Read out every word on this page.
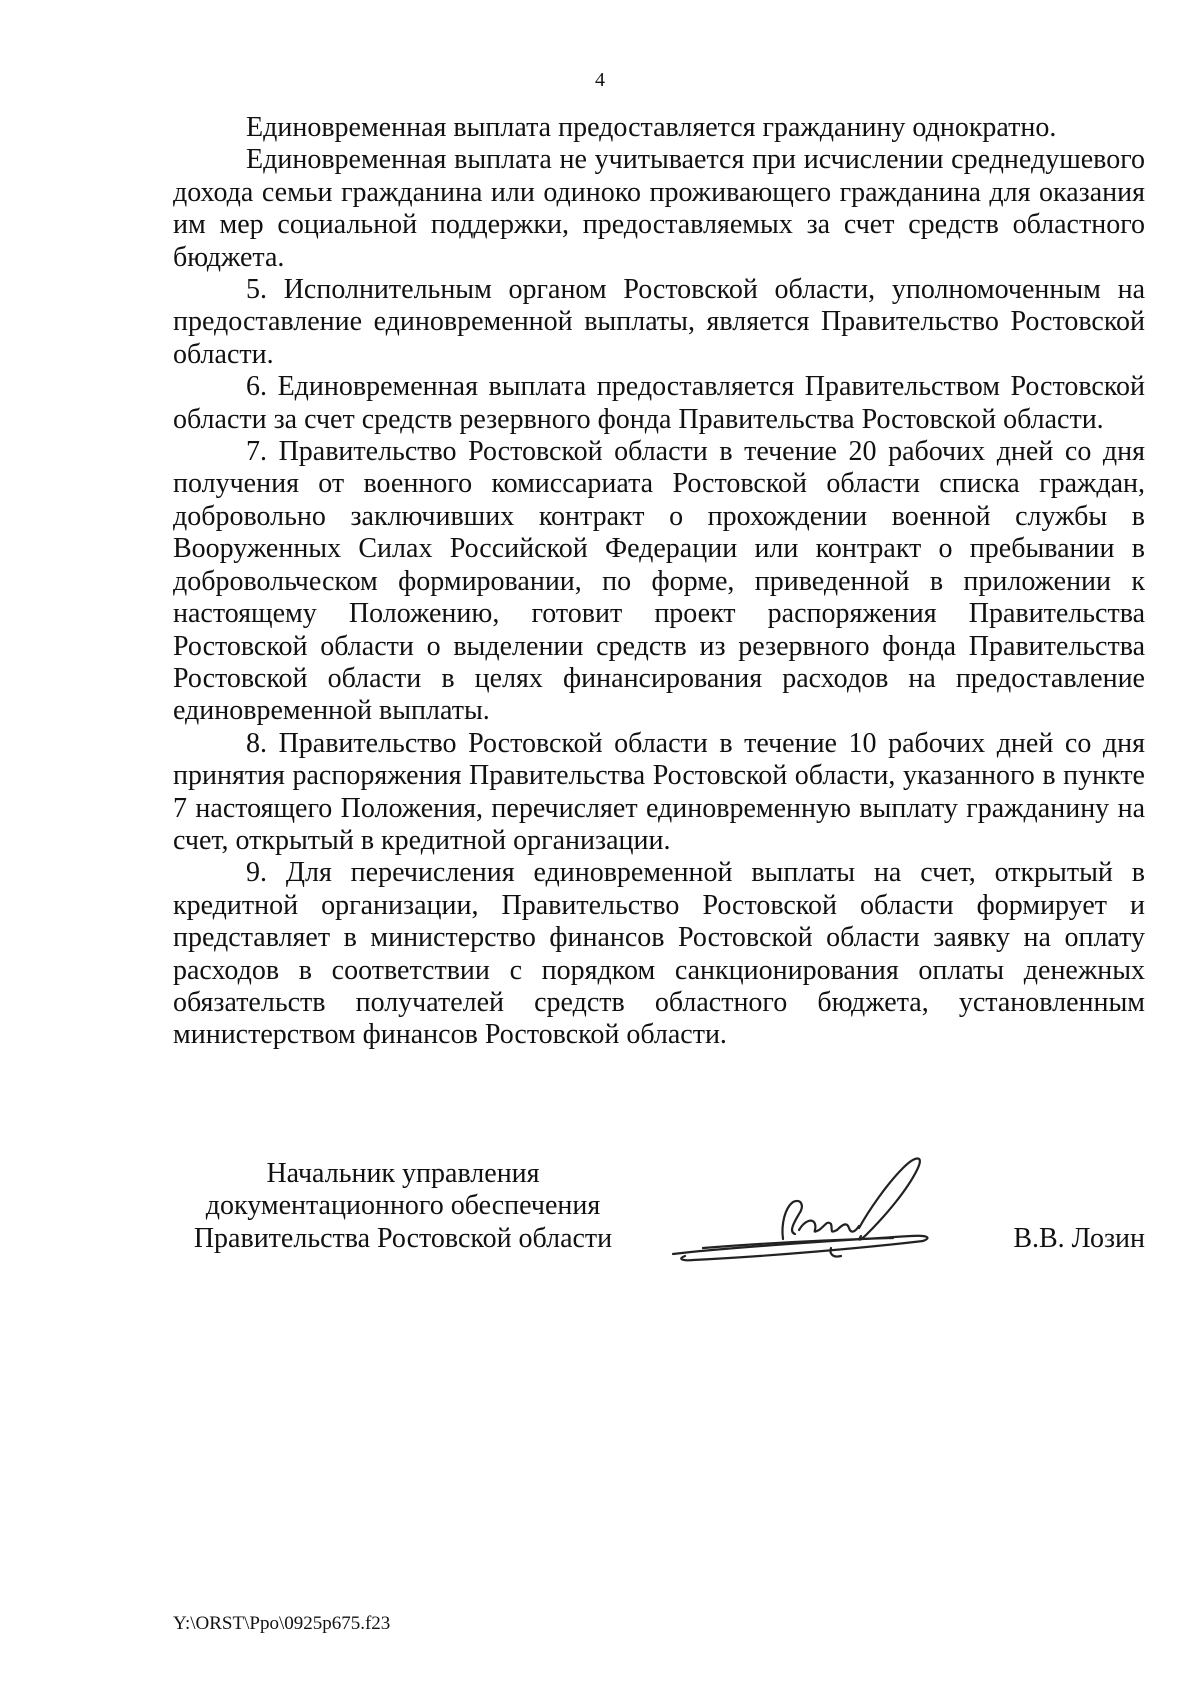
4

Единовременная выплата предоставляется гражданину однократно.

Единовременная выплата не учитывается при исчислении среднедушевого дохода семьи гражданина или одиноко проживающего гражданина для оказания им мер социальной поддержки, предоставляемых за счет средств областного бюджета.

5. Исполнительным органом Ростовской области, уполномоченным на предоставление единовременной выплаты, является Правительство Ростовской области.

6. Единовременная выплата предоставляется Правительством Ростовской области за счет средств резервного фонда Правительства Ростовской области.

7. Правительство Ростовской области в течение 20 рабочих дней со дня получения от военного комиссариата Ростовской области списка граждан, добровольно заключивших контракт о прохождении военной службы в Вооруженных Силах Российской Федерации или контракт о пребывании в добровольческом формировании, по форме, приведенной в приложении к настоящему Положению, готовит проект распоряжения Правительства Ростовской области о выделении средств из резервного фонда Правительства Ростовской области в целях финансирования расходов на предоставление единовременной выплаты.

8. Правительство Ростовской области в течение 10 рабочих дней со дня принятия распоряжения Правительства Ростовской области, указанного в пункте 7 настоящего Положения, перечисляет единовременную выплату гражданину на счет, открытый в кредитной организации.

9. Для перечисления единовременной выплаты на счет, открытый в кредитной организации, Правительство Ростовской области формирует и представляет в министерство финансов Ростовской области заявку на оплату расходов в соответствии с порядком санкционирования оплаты денежных обязательств получателей средств областного бюджета, установленным министерством финансов Ростовской области.

Начальник управления
документационного обеспечения
Правительства Ростовской области	В.В. Лозин
Y:\ORST\Ppo\0925p675.f23
